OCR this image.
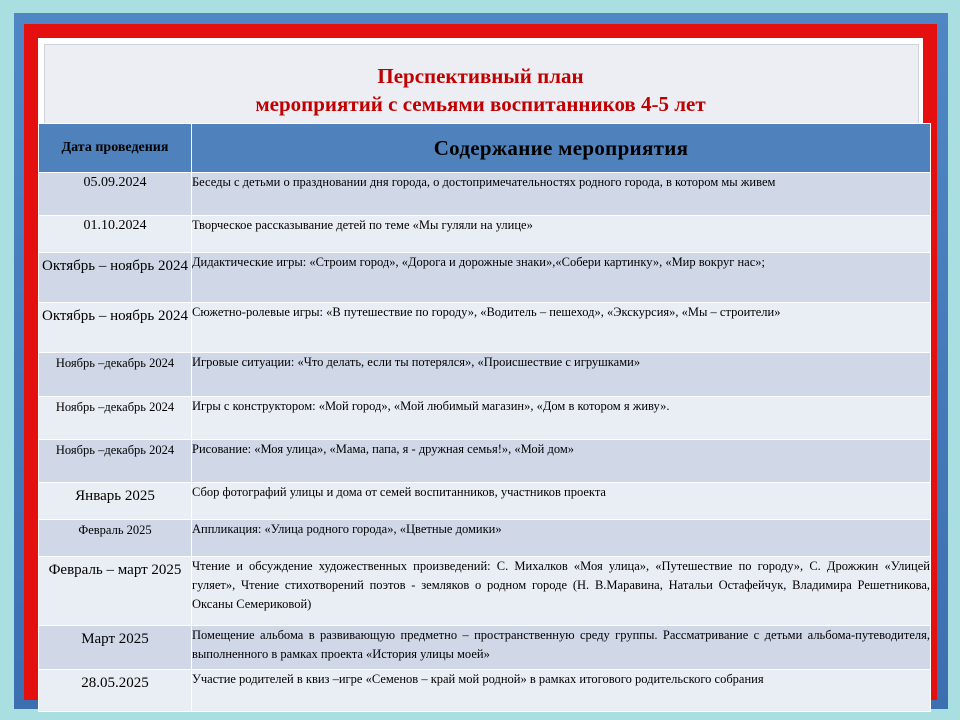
Перспективный план
мероприятий с семьями воспитанников 4-5 лет
Дата проведения	Содержание мероприятия
05.09.2024	Беседы с детьми о праздновании дня города, о достопримечательностях родного города, в котором мы живем
01.10.2024	Творческое рассказывание детей по теме «Мы гуляли на улице»
Октябрь – ноябрь 2024	Дидактические игры: «Строим город», «Дорога и дорожные знаки»,«Собери картинку», «Мир вокруг нас»;
Октябрь – ноябрь 2024	Сюжетно-ролевые игры: «В путешествие по городу», «Водитель – пешеход», «Экскурсия», «Мы – строители»
Ноябрь –декабрь 2024	Игровые ситуации: «Что делать, если ты потерялся», «Происшествие с игрушками»
Ноябрь –декабрь 2024	Игры с конструктором: «Мой город», «Мой любимый магазин», «Дом в котором я живу».
Ноябрь –декабрь 2024	Рисование: «Моя улица», «Мама, папа, я - дружная семья!», «Мой дом»
Январь 2025	Сбор фотографий улицы и дома от семей воспитанников, участников проекта
Февраль 2025	Аппликация: «Улица родного города», «Цветные домики»
Февраль – март 2025	Чтение и обсуждение художественных произведений: С. Михалков «Моя улица», «Путешествие по городу», С. Дрожжин «Улицей гуляет», Чтение стихотворений поэтов - земляков о родном городе (Н. В.Маравина, Натальи Остафейчук, Владимира Решетникова, Оксаны Семериковой)
Март 2025	Помещение альбома в развивающую предметно – пространственную среду группы. Рассматривание с детьми альбома-путеводителя, выполненного в рамках проекта «История улицы моей»
28.05.2025	Участие родителей в квиз –игре «Семенов – край мой родной» в рамках итогового родительского собрания
